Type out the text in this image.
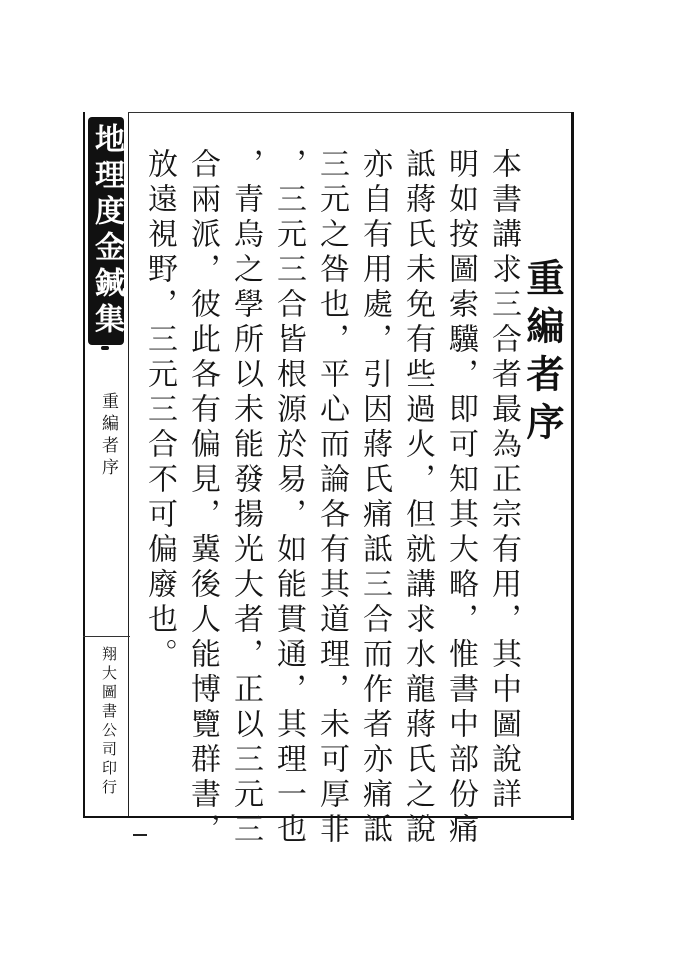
地理度金鍼集
重編者序
翔大圖書公司印行
重編者序
本書講求三合者最為正宗有用，其中圖說詳
明如按圖索驥，即可知其大略，惟書中部份痛
詆蔣氏未免有些過火，但就講求水龍蔣氏之說
亦自有用處，引因蔣氏痛詆三合而作者亦痛詆
三元之咎也，平心而論各有其道理，未可厚非
，三元三合皆根源於易，如能貫通，其理一也
，青烏之學所以未能發揚光大者，正以三元三
合兩派，彼此各有偏見，冀後人能博覽群書，
放遠視野，三元三合不可偏廢也。
